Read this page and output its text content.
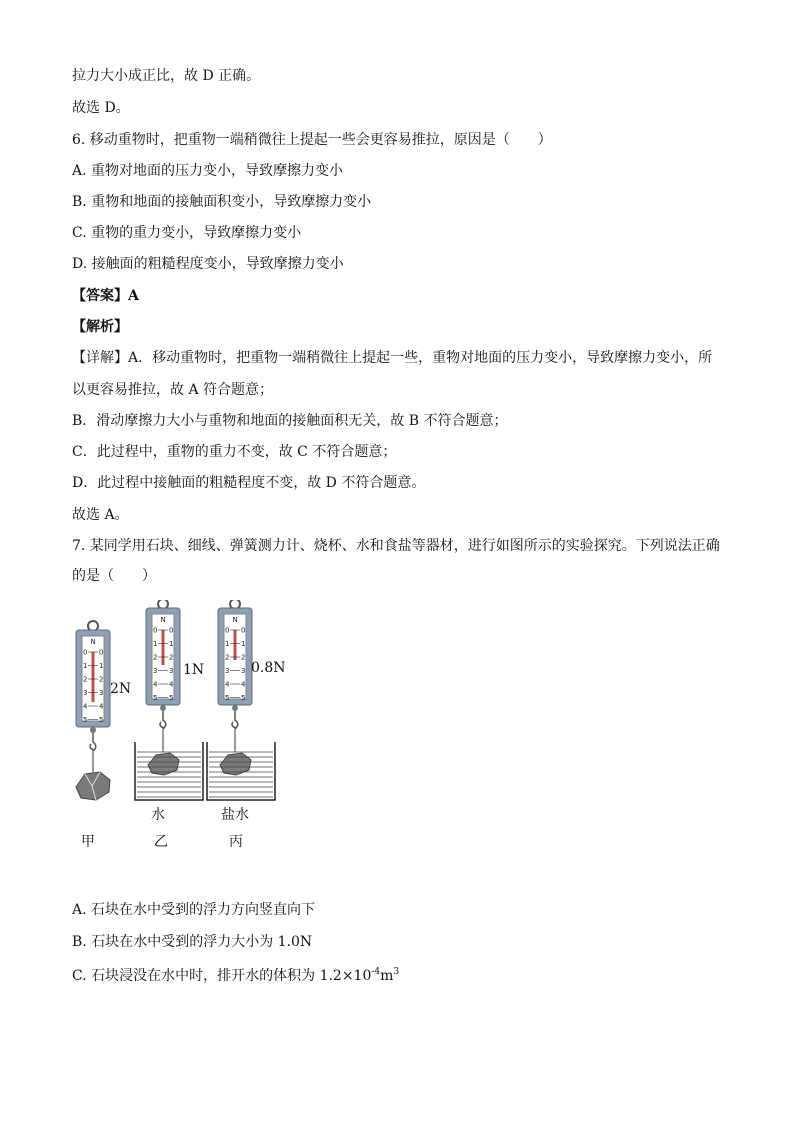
拉力大小成正比，故 D 正确。
故选 D。
6. 移动重物时，把重物一端稍微往上提起一些会更容易推拉，原因是（　　）
A. 重物对地面的压力变小，导致摩擦力变小
B. 重物和地面的接触面积变小，导致摩擦力变小
C. 重物的重力变小，导致摩擦力变小
D. 接触面的粗糙程度变小，导致摩擦力变小
【答案】A
【解析】
【详解】A．移动重物时，把重物一端稍微往上提起一些，重物对地面的压力变小，导致摩擦力变小，所
以更容易推拉，故 A 符合题意；
B．滑动摩擦力大小与重物和地面的接触面积无关，故 B 不符合题意；
C．此过程中，重物的重力不变，故 C 不符合题意；
D．此过程中接触面的粗糙程度不变，故 D 不符合题意。
故选 A。
7. 某同学用石块、细线、弹簧测力计、烧杯、水和食盐等器材，进行如图所示的实验探究。下列说法正确
的是（　　）
N
0 0
1 1
2 2
3 3
4 4
5 5
N
0 0
1 1
2 2
3 3
4 4
5 5
N
0 0
1 1
2 2
3 3
4 4
5 5
2N
1N	0.8N
水	盐水
甲	乙	丙
A. 石块在水中受到的浮力方向竖直向下
B. 石块在水中受到的浮力大小为 1.0N
C. 石块浸没在水中时，排开水的体积为 $1.2\times 10^{-4}m^3$
